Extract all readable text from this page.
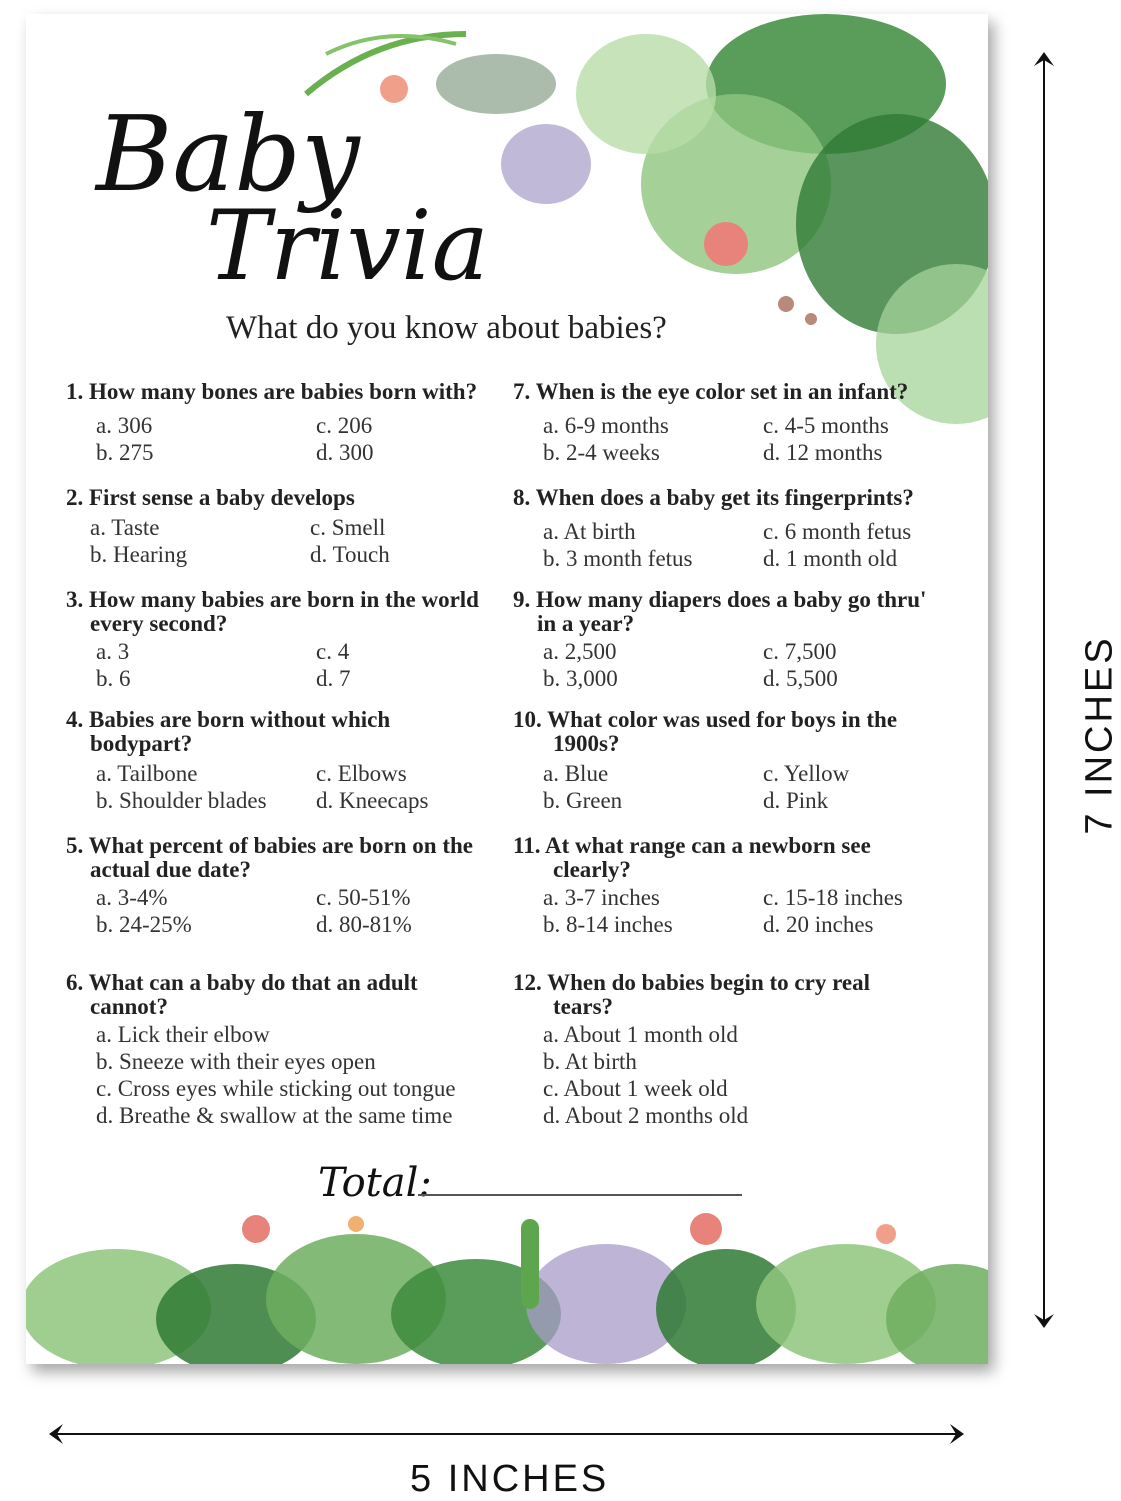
Baby
Trivia
What do you know about babies?
1. How many bones are babies born with?
a. 306	c. 206
b. 275	d. 300
2. First sense a baby develops
a. Taste	c. Smell
b. Hearing	d. Touch
3. How many babies are born in the world
every second?
a. 3	c. 4
b. 6	d. 7
4. Babies are born without which
bodypart?
a. Tailbone	c. Elbows
b. Shoulder blades	d. Kneecaps
5. What percent of babies are born on the
actual due date?
a. 3-4%	c. 50-51%
b. 24-25%	d. 80-81%
6. What can a baby do that an adult
cannot?
a. Lick their elbow
b. Sneeze with their eyes open
c. Cross eyes while sticking out tongue
d. Breathe & swallow at the same time
7. When is the eye color set in an infant?
a. 6-9 months	c. 4-5 months
b. 2-4 weeks	d. 12 months
8. When does a baby get its fingerprints?
a. At birth	c. 6 month fetus
b. 3 month fetus	d. 1 month old
9. How many diapers does a baby go thru'
in a year?
a. 2,500	c. 7,500
b. 3,000	d. 5,500
10. What color was used for boys in the
1900s?
a. Blue	c. Yellow
b. Green	d. Pink
11. At what range can a newborn see
clearly?
a. 3-7 inches	c. 15-18 inches
b. 8-14 inches	d. 20 inches
12. When do babies begin to cry real
tears?
a. About 1 month old
b. At birth
c. About 1 week old
d. About 2 months old
Total:
7 INCHES
5 INCHES
